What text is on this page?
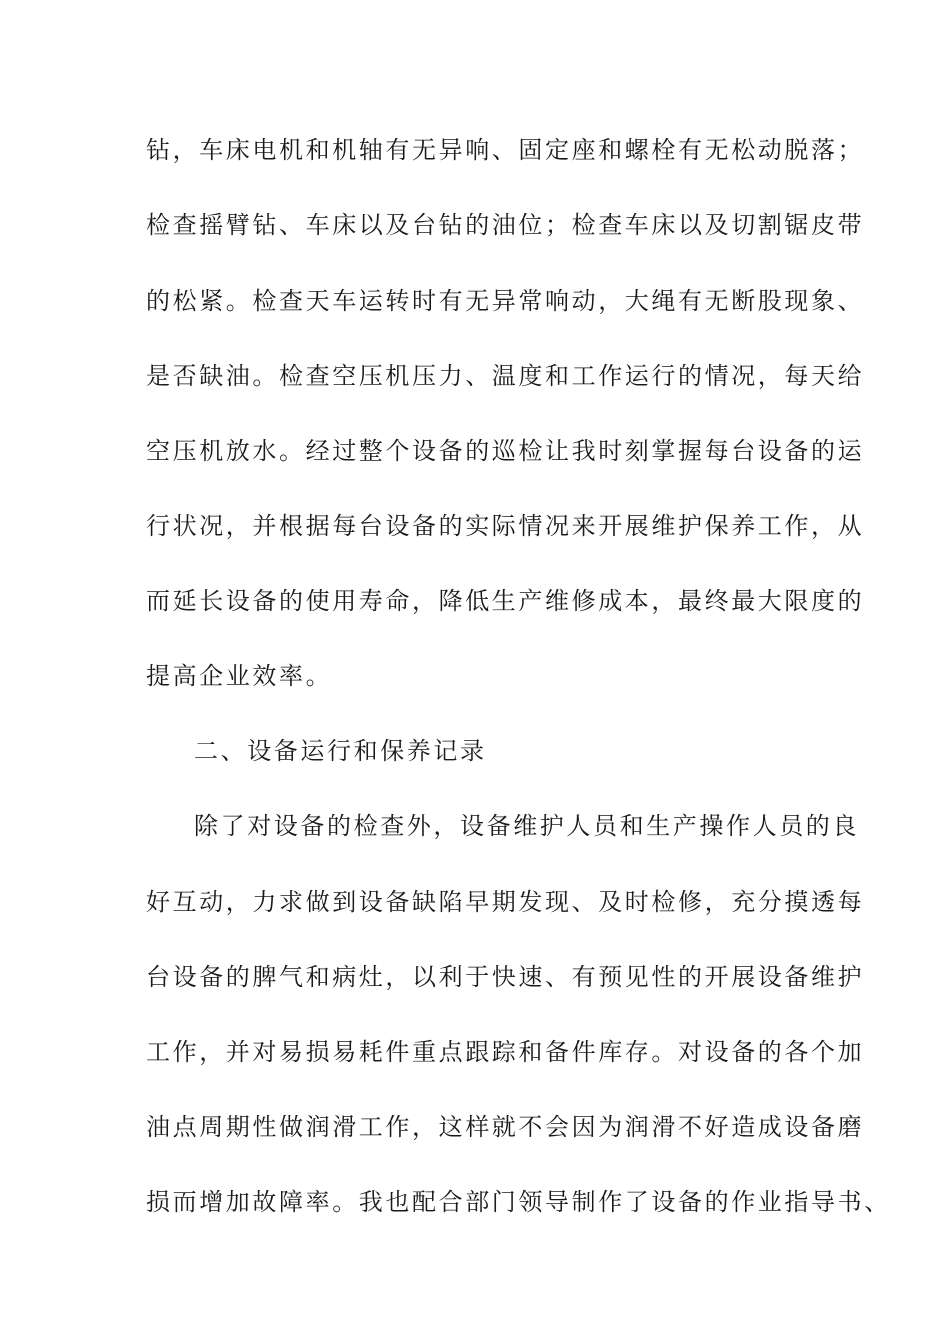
钻，车床电机和机轴有无异响、固定座和螺栓有无松动脱落；
检查摇臂钻、车床以及台钻的油位；检查车床以及切割锯皮带
的松紧。检查天车运转时有无异常响动，大绳有无断股现象、
是否缺油。检查空压机压力、温度和工作运行的情况，每天给
空压机放水。经过整个设备的巡检让我时刻掌握每台设备的运
行状况，并根据每台设备的实际情况来开展维护保养工作，从
而延长设备的使用寿命，降低生产维修成本，最终最大限度的
提高企业效率。
二、设备运行和保养记录
除了对设备的检查外，设备维护人员和生产操作人员的良
好互动，力求做到设备缺陷早期发现、及时检修，充分摸透每
台设备的脾气和病灶，以利于快速、有预见性的开展设备维护
工作，并对易损易耗件重点跟踪和备件库存。对设备的各个加
油点周期性做润滑工作，这样就不会因为润滑不好造成设备磨
损而增加故障率。我也配合部门领导制作了设备的作业指导书、
